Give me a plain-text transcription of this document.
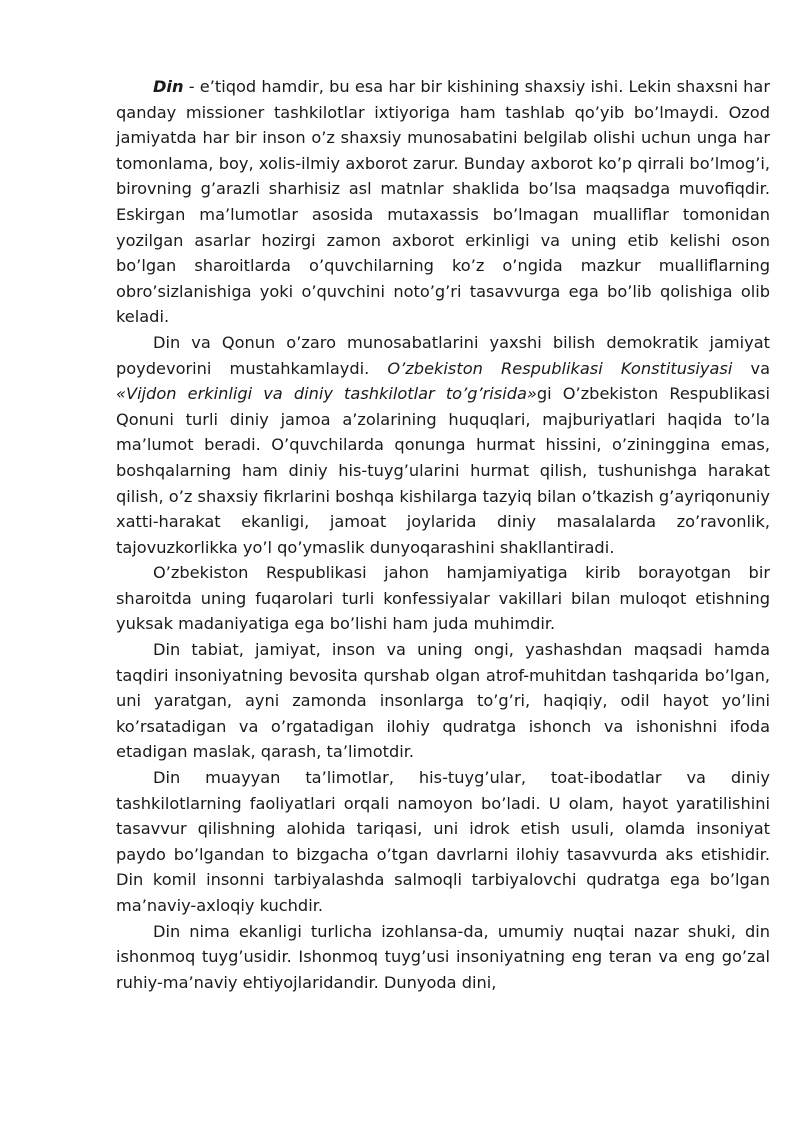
Din - e’tiqod hamdir, bu esa har bir kishining shaxsiy ishi. Lekin shaxsni har qanday missioner tashkilotlar ixtiyoriga ham tashlab qo’yib bo’lmaydi. Ozod jamiyatda har bir inson o’z shaxsiy munosabatini belgilab olishi uchun unga har tomonlama, boy, xolis-ilmiy axborot zarur. Bunday axborot ko’p qirrali bo’lmog’i, birovning g’arazli sharhisiz asl matnlar shaklida bo’lsa maqsadga muvofiqdir. Eskirgan ma’lumotlar asosida mutaxassis bo’lmagan mualliflar tomonidan yozilgan asarlar hozirgi zamon axborot erkinligi va uning etib kelishi oson bo’lgan sharoitlarda o’quvchilarning ko’z o’ngida mazkur mualliflarning obro’sizlanishiga yoki o’quvchini noto’g’ri tasavvurga ega bo’lib qolishiga olib keladi.

Din va Qonun o’zaro munosabatlarini yaxshi bilish demokratik jamiyat poydevorini mustahkamlaydi. O’zbekiston Respublikasi Konstitusiyasi va «Vijdon erkinligi va diniy tashkilotlar to’g’risida»gi O’zbekiston Respublikasi Qonuni turli diniy jamoa a’zolarining huquqlari, majburiyatlari haqida to’la ma’lumot beradi. O’quvchilarda qonunga hurmat hissini, o’ziningginа emas, boshqalarning ham diniy his-tuyg’ularini hurmat qilish, tushunishga harakat qilish, o’z shaxsiy fikrlarini boshqa kishilarga tazyiq bilan o’tkazish g’ayriqonuniy xatti-harakat ekanligi, jamoat joylarida diniy masalalarda zo’ravonlik, tajovuzkorlikka yo’l qo’ymaslik dunyoqarashini shakllantiradi.

O’zbekiston Respublikasi jahon hamjamiyatiga kirib borayotgan bir sharoitda uning fuqarolari turli konfessiyalar vakillari bilan muloqot etishning yuksak madaniyatiga ega bo’lishi ham juda muhimdir.

Din tabiat, jamiyat, inson va uning ongi, yashashdan maqsadi hamda taqdiri insoniyatning bevosita qurshab olgan atrof-muhitdan tashqarida bo’lgan, uni yaratgan, ayni zamonda insonlarga to’g’ri, haqiqiy, odil hayot yo’lini ko’rsatadigan va o’rgatadigan ilohiy qudratga ishonch va ishonishni ifoda etadigan maslak, qarash, ta’limotdir.

Din muayyan ta’limotlar, his-tuyg’ular, toat-ibodatlar va diniy tashkilotlarning faoliyatlari orqali namoyon bo’ladi. U olam, hayot yaratilishini tasavvur qilishning alohida tariqasi, uni idrok etish usuli, olamda insoniyat paydo bo’lgandan to bizgacha o’tgan davrlarni ilohiy tasavvurda aks etishidir. Din komil insonni tarbiyalashda salmoqli tarbiyalovchi qudratga ega bo’lgan ma’naviy-axloqiy kuchdir.

Din nima ekanligi turlicha izohlansa-da, umumiy nuqtai nazar shuki, din ishonmoq tuyg’usidir. Ishonmoq tuyg’usi insoniyatning eng teran va eng go’zal ruhiy-ma’naviy ehtiyojlaridandir. Dunyoda dini,
